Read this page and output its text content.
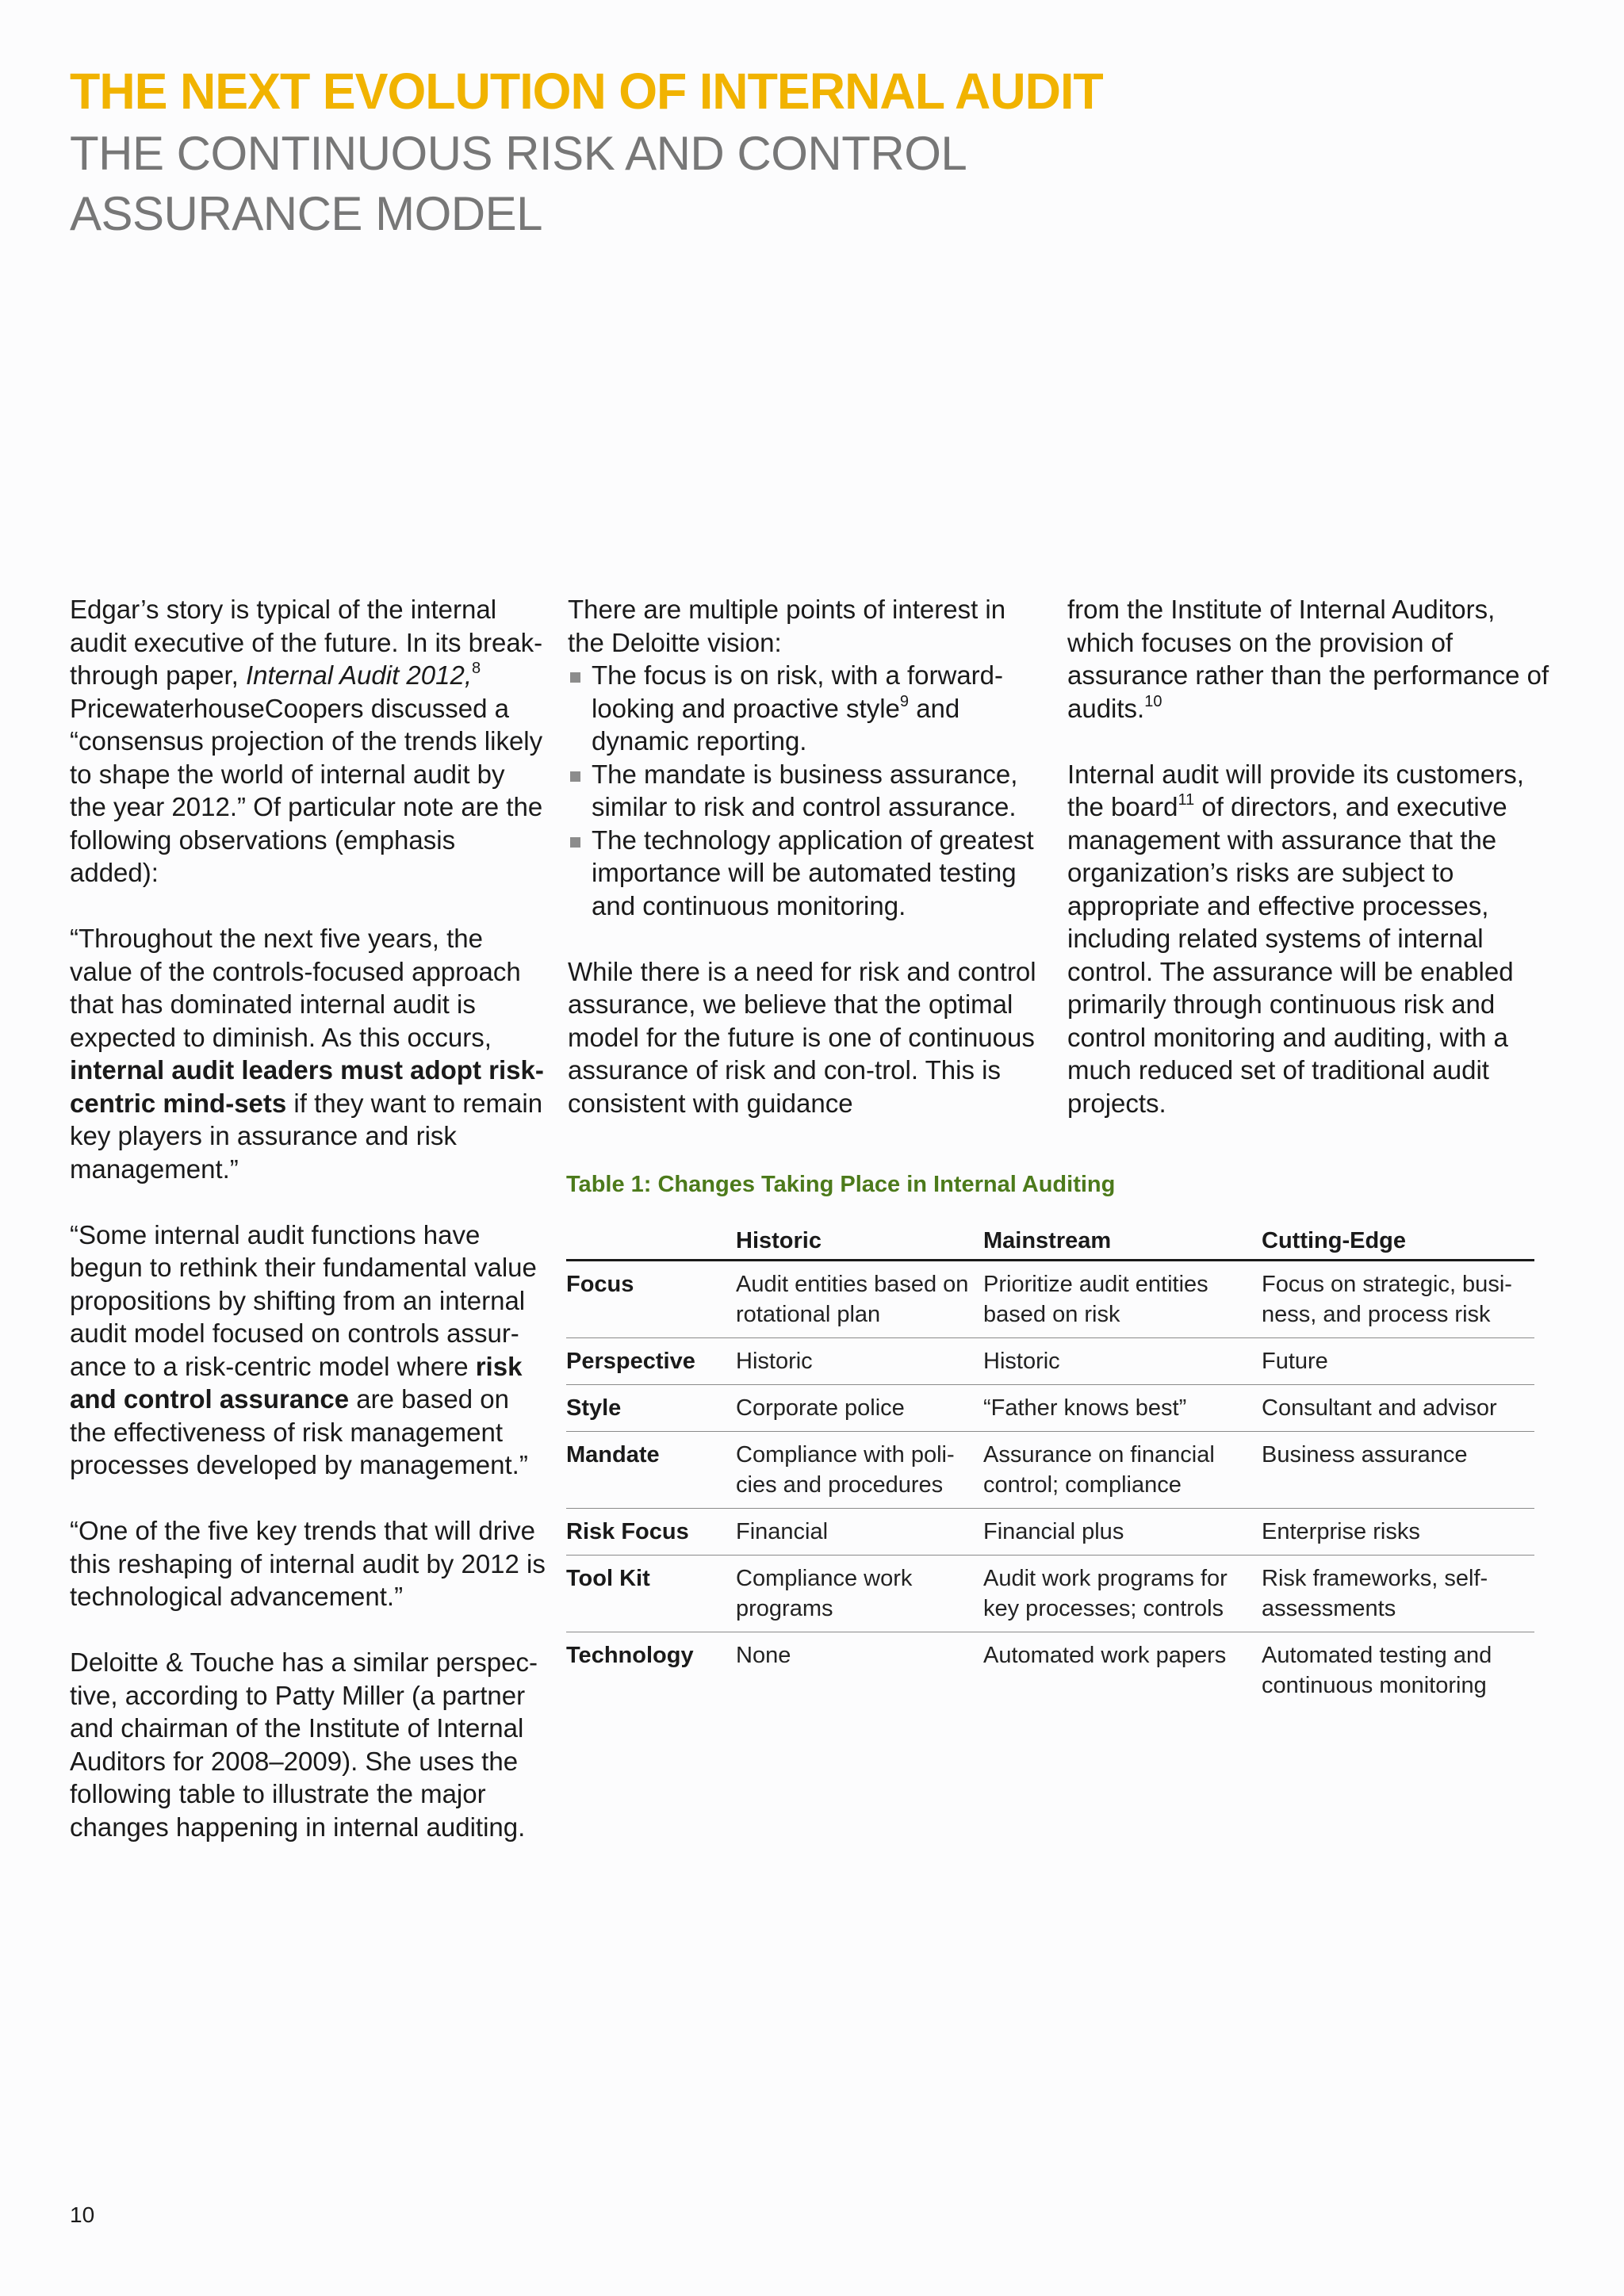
THE NEXT EVOLUTION OF INTERNAL AUDIT
THE CONTINUOUS RISK AND CONTROL ASSURANCE MODEL

Edgar’s story is typical of the internal audit executive of the future. In its break-through paper, Internal Audit 2012,$^8$ PricewaterhouseCoopers discussed a “consensus projection of the trends likely to shape the world of internal audit by the year 2012.” Of particular note are the following observations (emphasis added):

“Throughout the next five years, the value of the controls-focused approach that has dominated internal audit is expected to diminish. As this occurs, internal audit leaders must adopt risk-centric mind-sets if they want to remain key players in assurance and risk management.”

“Some internal audit functions have begun to rethink their fundamental value propositions by shifting from an internal audit model focused on controls assur-ance to a risk-centric model where risk and control assurance are based on the effectiveness of risk management processes developed by management.”

“One of the five key trends that will drive this reshaping of internal audit by 2012 is technological advancement.”

Deloitte & Touche has a similar perspec-tive, according to Patty Miller (a partner and chairman of the Institute of Internal Auditors for 2008–2009). She uses the following table to illustrate the major changes happening in internal auditing.

There are multiple points of interest in the Deloitte vision:

The focus is on risk, with a forward-looking and proactive style$^9$ and dynamic reporting.
The mandate is business assurance, similar to risk and control assurance.
The technology application of greatest importance will be automated testing and continuous monitoring.

While there is a need for risk and control assurance, we believe that the optimal model for the future is one of continuous assurance of risk and con-trol. This is consistent with guidance

from the Institute of Internal Auditors, which focuses on the provision of assurance rather than the performance of audits.$^{10}$

Internal audit will provide its customers, the board$^{11}$ of directors, and executive management with assurance that the organization’s risks are subject to appropriate and effective processes, including related systems of internal control. The assurance will be enabled primarily through continuous risk and control monitoring and auditing, with a much reduced set of traditional audit projects.

Table 1: Changes Taking Place in Internal Auditing
	Historic	Mainstream	Cutting-Edge
Focus	Audit entities based on rotational plan	Prioritize audit entities based on risk	Focus on strategic, busi-ness, and process risk
Perspective	Historic	Historic	Future
Style	Corporate police	“Father knows best”	Consultant and advisor
Mandate	Compliance with poli-cies and procedures	Assurance on financial control; compliance	Business assurance
Risk Focus	Financial	Financial plus	Enterprise risks
Tool Kit	Compliance work programs	Audit work programs for key processes; controls	Risk frameworks, self-assessments
Technology	None	Automated work papers	Automated testing and continuous monitoring
10
